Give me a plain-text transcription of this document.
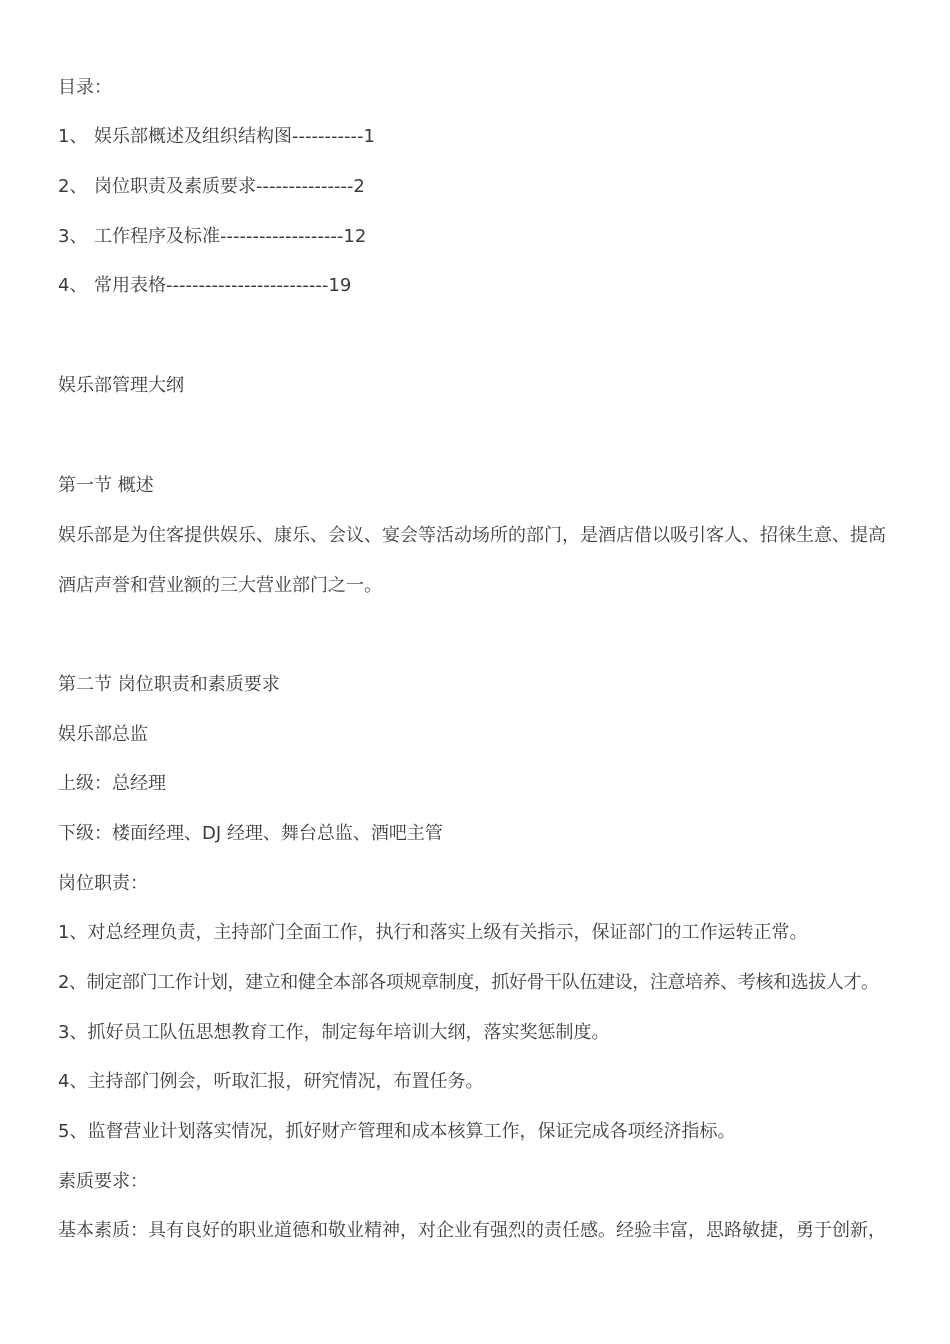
目录：
1、 娱乐部概述及组织结构图-----------1
2、 岗位职责及素质要求---------------2
3、 工作程序及标准-------------------12
4、 常用表格-------------------------19
娱乐部管理大纲
第一节 概述
娱乐部是为住客提供娱乐、康乐、会议、宴会等活动场所的部门，是酒店借以吸引客人、招徕生意、提高
酒店声誉和营业额的三大营业部门之一。
第二节 岗位职责和素质要求
娱乐部总监
上级：总经理
下级：楼面经理、DJ 经理、舞台总监、酒吧主管
岗位职责：
1、对总经理负责，主持部门全面工作，执行和落实上级有关指示，保证部门的工作运转正常。
2、制定部门工作计划，建立和健全本部各项规章制度，抓好骨干队伍建设，注意培养、考核和选拔人才。
3、抓好员工队伍思想教育工作，制定每年培训大纲，落实奖惩制度。
4、主持部门例会，听取汇报，研究情况，布置任务。
5、监督营业计划落实情况，抓好财产管理和成本核算工作，保证完成各项经济指标。
素质要求：
基本素质：具有良好的职业道德和敬业精神，对企业有强烈的责任感。经验丰富，思路敏捷，勇于创新，
